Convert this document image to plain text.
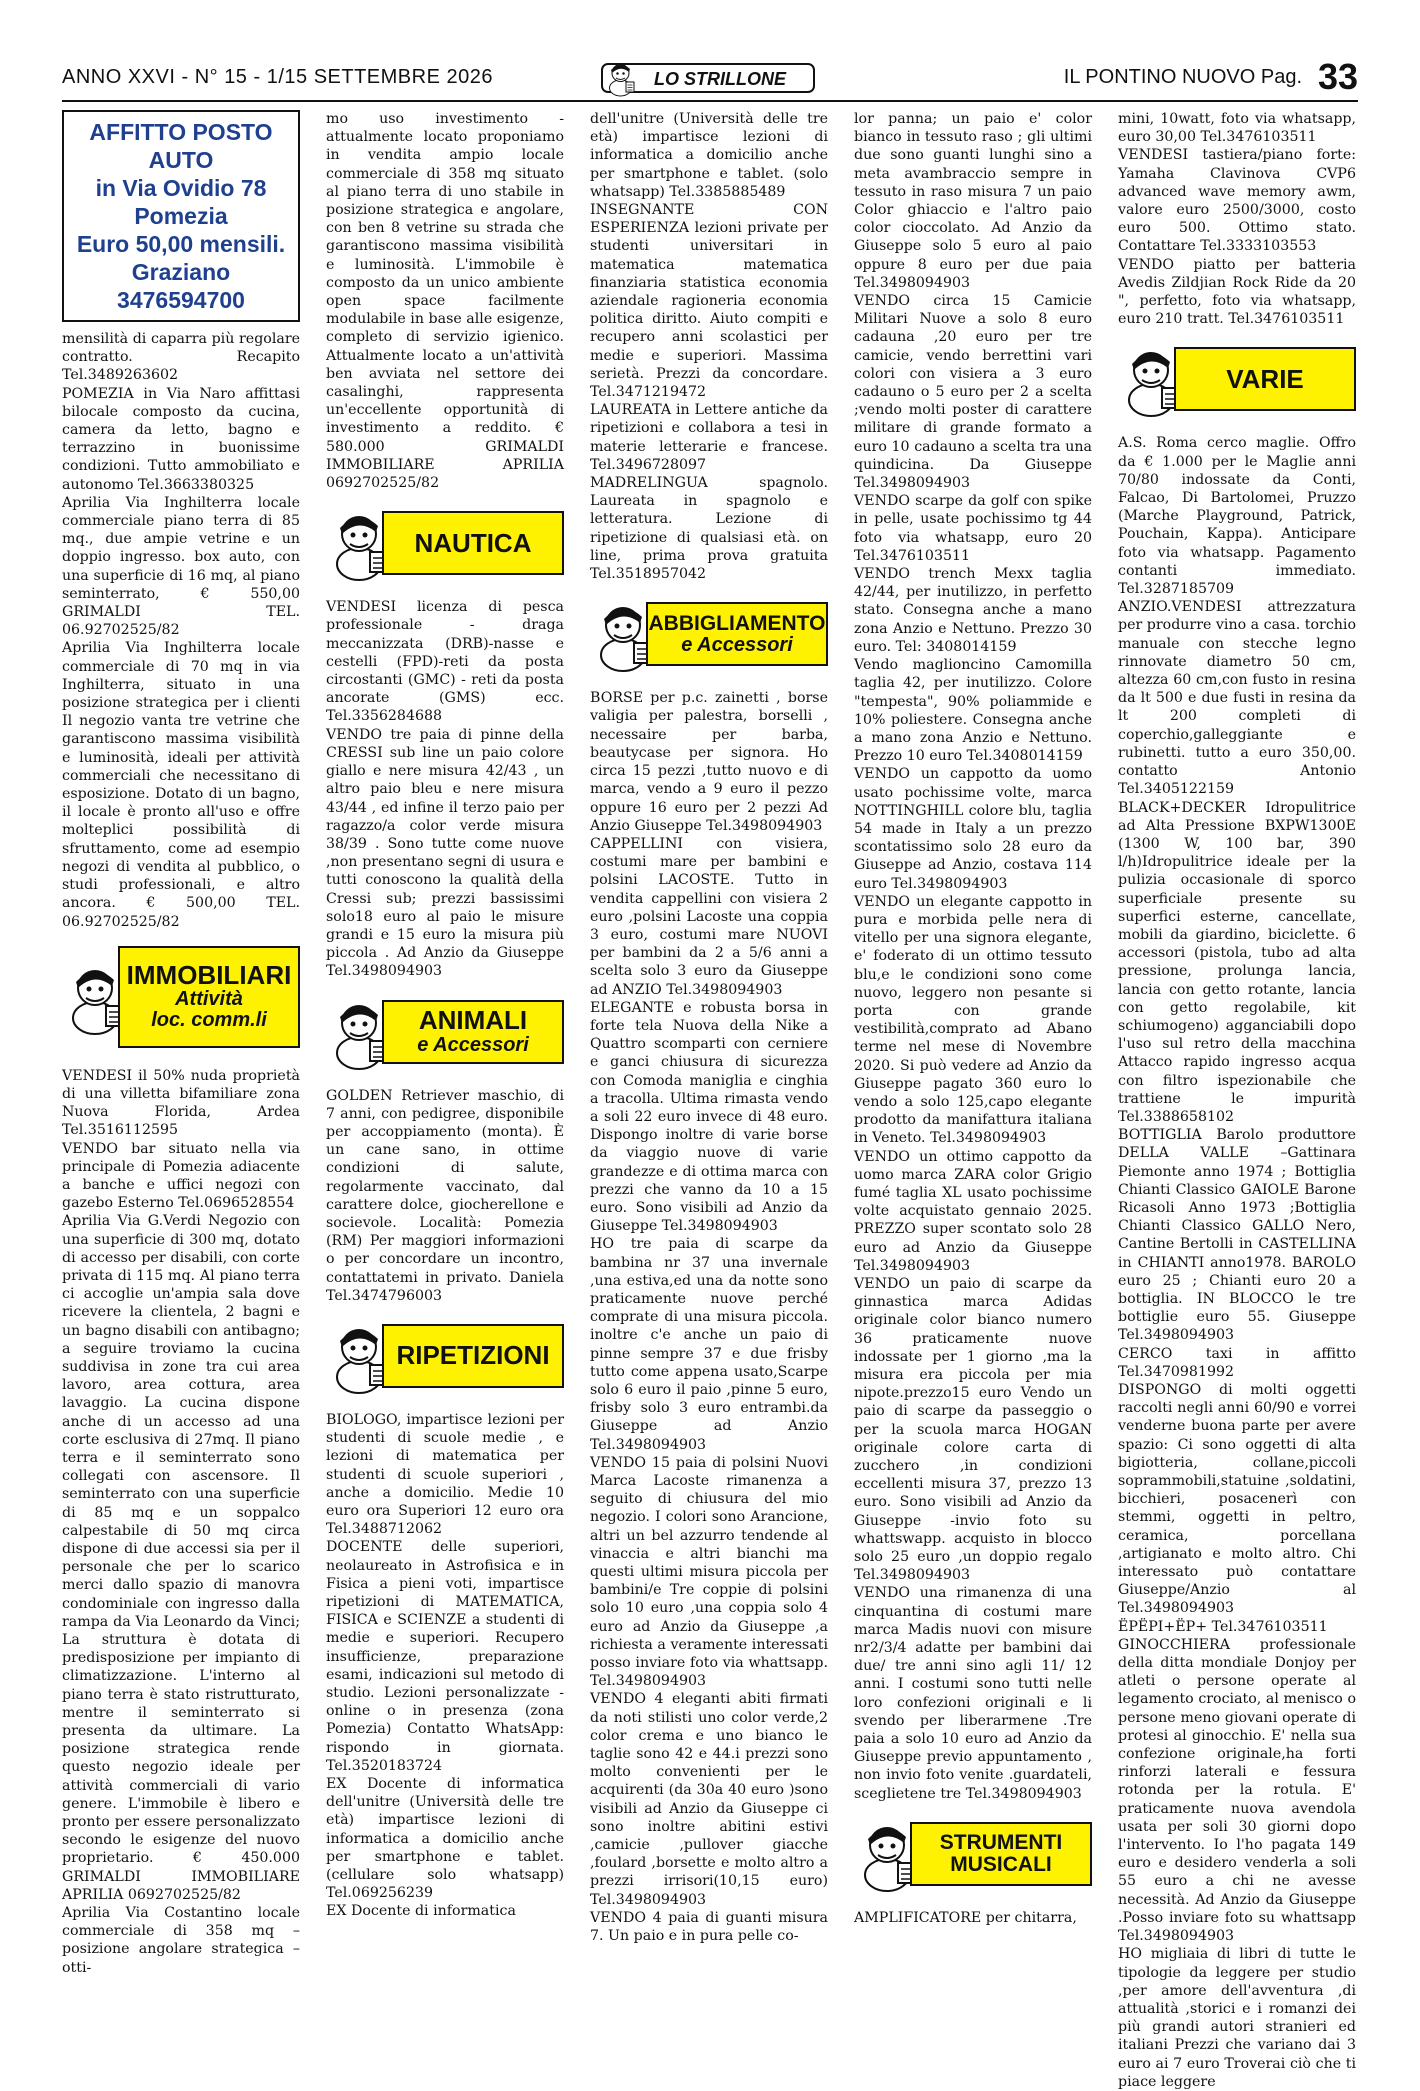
ANNO XXVI - N° 15 - 1/15 SETTEMBRE 2026	LO STRILLONE	IL PONTINO NUOVO Pag. 33
AFFITTO POSTO AUTO
in Via Ovidio 78 Pomezia
Euro 50,00 mensili.
Graziano 3476594700

mensilità di caparra più regolare contratto. Recapito Tel.3489263602

POMEZIA in Via Naro affittasi bilocale composto da cucina, camera da letto, bagno e terrazzino in buonissime condizioni. Tutto ammobiliato e autonomo Tel.3663380325

Aprilia Via Inghilterra locale commerciale piano terra di 85 mq., due ampie vetrine e un doppio ingresso. box auto, con una superficie di 16 mq, al piano seminterrato, € 550,00 GRIMALDI TEL. 06.92702525/82

Aprilia Via Inghilterra locale commerciale di 70 mq in via Inghilterra, situato in una posizione strategica per i clienti Il negozio vanta tre vetrine che garantiscono massima visibilità e luminosità, ideali per attività commerciali che necessitano di esposizione. Dotato di un bagno, il locale è pronto all'uso e offre molteplici possibilità di sfruttamento, come ad esempio negozi di vendita al pubblico, o studi professionali, e altro ancora. € 500,00 TEL. 06.92702525/82

IMMOBILIARI
Attività
loc. comm.li

VENDESI il 50% nuda proprietà di una villetta bifamiliare zona Nuova Florida, Ardea Tel.3516112595

VENDO bar situato nella via principale di Pomezia adiacente a banche e uffici negozi con gazebo Esterno Tel.0696528554

Aprilia Via G.Verdi Negozio con una superficie di 300 mq, dotato di accesso per disabili, con corte privata di 115 mq. Al piano terra ci accoglie un'ampia sala dove ricevere la clientela, 2 bagni e un bagno disabili con antibagno; a seguire troviamo la cucina suddivisa in zone tra cui area lavoro, area cottura, area lavaggio. La cucina dispone anche di un accesso ad una corte esclusiva di 27mq. Il piano terra e il seminterrato sono collegati con ascensore. Il seminterrato con una superficie di 85 mq e un soppalco calpestabile di 50 mq circa dispone di due accessi sia per il personale che per lo scarico merci dallo spazio di manovra condominiale con ingresso dalla rampa da Via Leonardo da Vinci; La struttura è dotata di predisposizione per impianto di climatizzazione. L'interno al piano terra è stato ristrutturato, mentre il seminterrato si presenta da ultimare. La posizione strategica rende questo negozio ideale per attività commerciali di vario genere. L'immobile è libero e pronto per essere personalizzato secondo le esigenze del nuovo proprietario. € 450.000 GRIMALDI IMMOBILIARE APRILIA 0692702525/82

Aprilia Via Costantino locale commerciale di 358 mq – posizione angolare strategica – otti-

mo uso investimento -attualmente locato proponiamo in vendita ampio locale commerciale di 358 mq situato al piano terra di uno stabile in posizione strategica e angolare, con ben 8 vetrine su strada che garantiscono massima visibilità e luminosità. L'immobile è composto da un unico ambiente open space facilmente modulabile in base alle esigenze, completo di servizio igienico. Attualmente locato a un'attività ben avviata nel settore dei casalinghi, rappresenta un'eccellente opportunità di investimento a reddito. € 580.000 GRIMALDI IMMOBILIARE APRILIA 0692702525/82

NAUTICA

VENDESI licenza di pesca professionale - draga meccanizzata (DRB)-nasse e cestelli (FPD)-reti da posta circostanti (GMC) - reti da posta ancorate (GMS) ecc. Tel.3356284688

VENDO tre paia di pinne della CRESSI sub line un paio colore giallo e nere misura 42/43 , un altro paio bleu e nere misura 43/44 , ed infine il terzo paio per ragazzo/a color verde misura 38/39 . Sono tutte come nuove ,non presentano segni di usura e tutti conoscono la qualità della Cressi sub; prezzi bassissimi solo18 euro al paio le misure grandi e 15 euro la misura più piccola . Ad Anzio da Giuseppe Tel.3498094903

ANIMALI
e Accessori

GOLDEN Retriever maschio, di 7 anni, con pedigree, disponibile per accoppiamento (monta). È un cane sano, in ottime condizioni di salute, regolarmente vaccinato, dal carattere dolce, giocherellone e socievole. Località: Pomezia (RM) Per maggiori informazioni o per concordare un incontro, contattatemi in privato. Daniela Tel.3474796003

RIPETIZIONI

BIOLOGO, impartisce lezioni per studenti di scuole medie , e lezioni di matematica per studenti di scuole superiori , anche a domicilio. Medie 10 euro ora Superiori 12 euro ora Tel.3488712062

DOCENTE delle superiori, neolaureato in Astrofisica e in Fisica a pieni voti, impartisce ripetizioni di MATEMATICA, FISICA e SCIENZE a studenti di medie e superiori. Recupero insufficienze, preparazione esami, indicazioni sul metodo di studio. Lezioni personalizzate - online o in presenza (zona Pomezia) Contatto WhatsApp: rispondo in giornata. Tel.3520183724

EX Docente di informatica dell'unitre (Università delle tre età) impartisce lezioni di informatica a domicilio anche per smartphone e tablet. (cellulare solo whatsapp) Tel.069256239

EX Docente di informatica

dell'unitre (Università delle tre età) impartisce lezioni di informatica a domicilio anche per smartphone e tablet. (solo whatsapp) Tel.3385885489

INSEGNANTE CON ESPERIENZA lezioni private per studenti universitari in matematica matematica finanziaria statistica economia aziendale ragioneria economia politica diritto. Aiuto compiti e recupero anni scolastici per medie e superiori. Massima serietà. Prezzi da concordare. Tel.3471219472

LAUREATA in Lettere antiche da ripetizioni e collabora a tesi in materie letterarie e francese. Tel.3496728097

MADRELINGUA spagnolo. Laureata in spagnolo e letteratura. Lezione di ripetizione di qualsiasi età. on line, prima prova gratuita Tel.3518957042

ABBIGLIAMENTO
e Accessori

BORSE per p.c. zainetti , borse valigia per palestra, borselli , necessaire per barba, beautycase per signora. Ho circa 15 pezzi ,tutto nuovo e di marca, vendo a 9 euro il pezzo oppure 16 euro per 2 pezzi Ad Anzio Giuseppe Tel.3498094903

CAPPELLINI con visiera, costumi mare per bambini e polsini LACOSTE. Tutto in vendita cappellini con visiera 2 euro ,polsini Lacoste una coppia 3 euro, costumi mare NUOVI per bambini da 2 a 5/6 anni a scelta solo 3 euro da Giuseppe ad ANZIO Tel.3498094903

ELEGANTE e robusta borsa in forte tela Nuova della Nike a Quattro scomparti con cerniere e ganci chiusura di sicurezza con Comoda maniglia e cinghia a tracolla. Ultima rimasta vendo a soli 22 euro invece di 48 euro. Dispongo inoltre di varie borse da viaggio nuove di varie grandezze e di ottima marca con prezzi che vanno da 10 a 15 euro. Sono visibili ad Anzio da Giuseppe Tel.3498094903

HO tre paia di scarpe da bambina nr 37 una invernale ,una estiva,ed una da notte sono praticamente nuove perché comprate di una misura piccola. inoltre c'e anche un paio di pinne sempre 37 e due frisby tutto come appena usato,Scarpe solo 6 euro il paio ,pinne 5 euro, frisby solo 3 euro entrambi.da Giuseppe ad Anzio Tel.3498094903

VENDO 15 paia di polsini Nuovi Marca Lacoste rimanenza a seguito di chiusura del mio negozio. I colori sono Arancione, altri un bel azzurro tendende al vinaccia e altri bianchi ma questi ultimi misura piccola per bambini/e Tre coppie di polsini solo 10 euro ,una coppia solo 4 euro ad Anzio da Giuseppe ,a richiesta a veramente interessati posso inviare foto via whattsapp. Tel.3498094903

VENDO 4 eleganti abiti firmati da noti stilisti uno color verde,2 color crema e uno bianco le taglie sono 42 e 44.i prezzi sono molto convenienti per le acquirenti (da 30a 40 euro )sono visibili ad Anzio da Giuseppe ci sono inoltre abitini estivi ,camicie ,pullover giacche ,foulard ,borsette e molto altro a prezzi irrisori(10,15 euro) Tel.3498094903

VENDO 4 paia di guanti misura 7. Un paio e in pura pelle co-

lor panna; un paio e' color bianco in tessuto raso ; gli ultimi due sono guanti lunghi sino a meta avambraccio sempre in tessuto in raso misura 7 un paio Color ghiaccio e l'altro paio color cioccolato. Ad Anzio da Giuseppe solo 5 euro al paio oppure 8 euro per due paia Tel.3498094903

VENDO circa 15 Camicie Militari Nuove a solo 8 euro cadauna ,20 euro per tre camicie, vendo berrettini vari colori con visiera a 3 euro cadauno o 5 euro per 2 a scelta ;vendo molti poster di carattere militare di grande formato a euro 10 cadauno a scelta tra una quindicina. Da Giuseppe Tel.3498094903

VENDO scarpe da golf con spike in pelle, usate pochissimo tg 44 foto via whatsapp, euro 20 Tel.3476103511

VENDO trench Mexx taglia 42/44, per inutilizzo, in perfetto stato. Consegna anche a mano zona Anzio e Nettuno. Prezzo 30 euro. Tel: 3408014159

Vendo maglioncino Camomilla taglia 42, per inutilizzo. Colore "tempesta", 90% poliammide e 10% poliestere. Consegna anche a mano zona Anzio e Nettuno. Prezzo 10 euro Tel.3408014159

VENDO un cappotto da uomo usato pochissime volte, marca NOTTINGHILL colore blu, taglia 54 made in Italy a un prezzo scontatissimo solo 28 euro da Giuseppe ad Anzio, costava 114 euro Tel.3498094903

VENDO un elegante cappotto in pura e morbida pelle nera di vitello per una signora elegante, e' foderato di un ottimo tessuto blu,e le condizioni sono come nuovo, leggero non pesante si porta con grande vestibilità,comprato ad Abano terme nel mese di Novembre 2020. Si può vedere ad Anzio da Giuseppe pagato 360 euro lo vendo a solo 125,capo elegante prodotto da manifattura italiana in Veneto. Tel.3498094903

VENDO un ottimo cappotto da uomo marca ZARA color Grigio fumé taglia XL usato pochissime volte acquistato gennaio 2025. PREZZO super scontato solo 28 euro ad Anzio da Giuseppe Tel.3498094903

VENDO un paio di scarpe da ginnastica marca Adidas originale color bianco numero 36 praticamente nuove indossate per 1 giorno ,ma la misura era piccola per mia nipote.prezzo15 euro Vendo un paio di scarpe da passeggio o per la scuola marca HOGAN originale colore carta di zucchero ,in condizioni eccellenti misura 37, prezzo 13 euro. Sono visibili ad Anzio da Giuseppe -invio foto su whattswapp. acquisto in blocco solo 25 euro ,un doppio regalo Tel.3498094903

VENDO una rimanenza di una cinquantina di costumi mare marca Madis nuovi con misure nr2/3/4 adatte per bambini dai due/ tre anni sino agli 11/ 12 anni. I costumi sono tutti nelle loro confezioni originali e li svendo per liberarmene .Tre paia a solo 10 euro ad Anzio da Giuseppe previo appuntamento , non invio foto venite .guardateli, sceglietene tre Tel.3498094903

STRUMENTI
MUSICALI

AMPLIFICATORE per chitarra,

mini, 10watt, foto via whatsapp, euro 30,00 Tel.3476103511

VENDESI tastiera/piano forte: Yamaha Clavinova CVP6 advanced wave memory awm, valore euro 2500/3000, costo euro 500. Ottimo stato. Contattare Tel.3333103553

VENDO piatto per batteria Avedis Zildjian Rock Ride da 20 ", perfetto, foto via whatsapp, euro 210 tratt. Tel.3476103511

VARIE

A.S. Roma cerco maglie. Offro da € 1.000 per le Maglie anni 70/80 indossate da Conti, Falcao, Di Bartolomei, Pruzzo (Marche Playground, Patrick, Pouchain, Kappa). Anticipare foto via whatsapp. Pagamento contanti immediato. Tel.3287185709

ANZIO.VENDESI attrezzatura per produrre vino a casa. torchio manuale con stecche legno rinnovate diametro 50 cm, altezza 60 cm,con fusto in resina da lt 500 e due fusti in resina da lt 200 completi di coperchio,galleggiante e rubinetti. tutto a euro 350,00. contatto Antonio Tel.3405122159

BLACK+DECKER Idropulitrice ad Alta Pressione BXPW1300E (1300 W, 100 bar, 390 l/h)Idropulitrice ideale per la pulizia occasionale di sporco superficiale presente su superfici esterne, cancellate, mobili da giardino, biciclette. 6 accessori (pistola, tubo ad alta pressione, prolunga lancia, lancia con getto rotante, lancia con getto regolabile, kit schiumogeno) agganciabili dopo l'uso sul retro della macchina Attacco rapido ingresso acqua con filtro ispezionabile che trattiene le impurità Tel.3388658102

BOTTIGLIA Barolo produttore DELLA VALLE –Gattinara Piemonte anno 1974 ; Bottiglia Chianti Classico GAIOLE Barone Ricasoli Anno 1973 ;Bottiglia Chianti Classico GALLO Nero, Cantine Bertolli in CASTELLINA in CHIANTI anno1978. BAROLO euro 25 ; Chianti euro 20 a bottiglia. IN BLOCCO le tre bottiglie euro 55. Giuseppe Tel.3498094903

CERCO taxi in affitto Tel.3470981992

DISPONGO di molti oggetti raccolti negli anni 60/90 e vorrei venderne buona parte per avere spazio: Ci sono oggetti di alta bigiotteria, collane,piccoli soprammobili,statuine ,soldatini, bicchieri, posacenerì con stemmi, oggetti in peltro, ceramica, porcellana ,artigianato e molto altro. Chi interessato può contattare Giuseppe/Anzio al Tel.3498094903

ËPËPI+ËP+ Tel.3476103511

GINOCCHIERA professionale della ditta mondiale Donjoy per atleti o persone operate al legamento crociato, al menisco o persone meno giovani operate di protesi al ginocchio. E' nella sua confezione originale,ha forti rinforzi laterali e fessura rotonda per la rotula. E' praticamente nuova avendola usata per soli 30 giorni dopo l'intervento. Io l'ho pagata 149 euro e desidero venderla a soli 55 euro a chi ne avesse necessità. Ad Anzio da Giuseppe .Posso inviare foto su whattsapp Tel.3498094903

HO migliaia di libri di tutte le tipologie da leggere per studio ,per amore dell'avventura ,di attualità ,storici e i romanzi dei più grandi autori stranieri ed italiani Prezzi che variano dai 3 euro ai 7 euro Troverai ciò che ti piace leggere
